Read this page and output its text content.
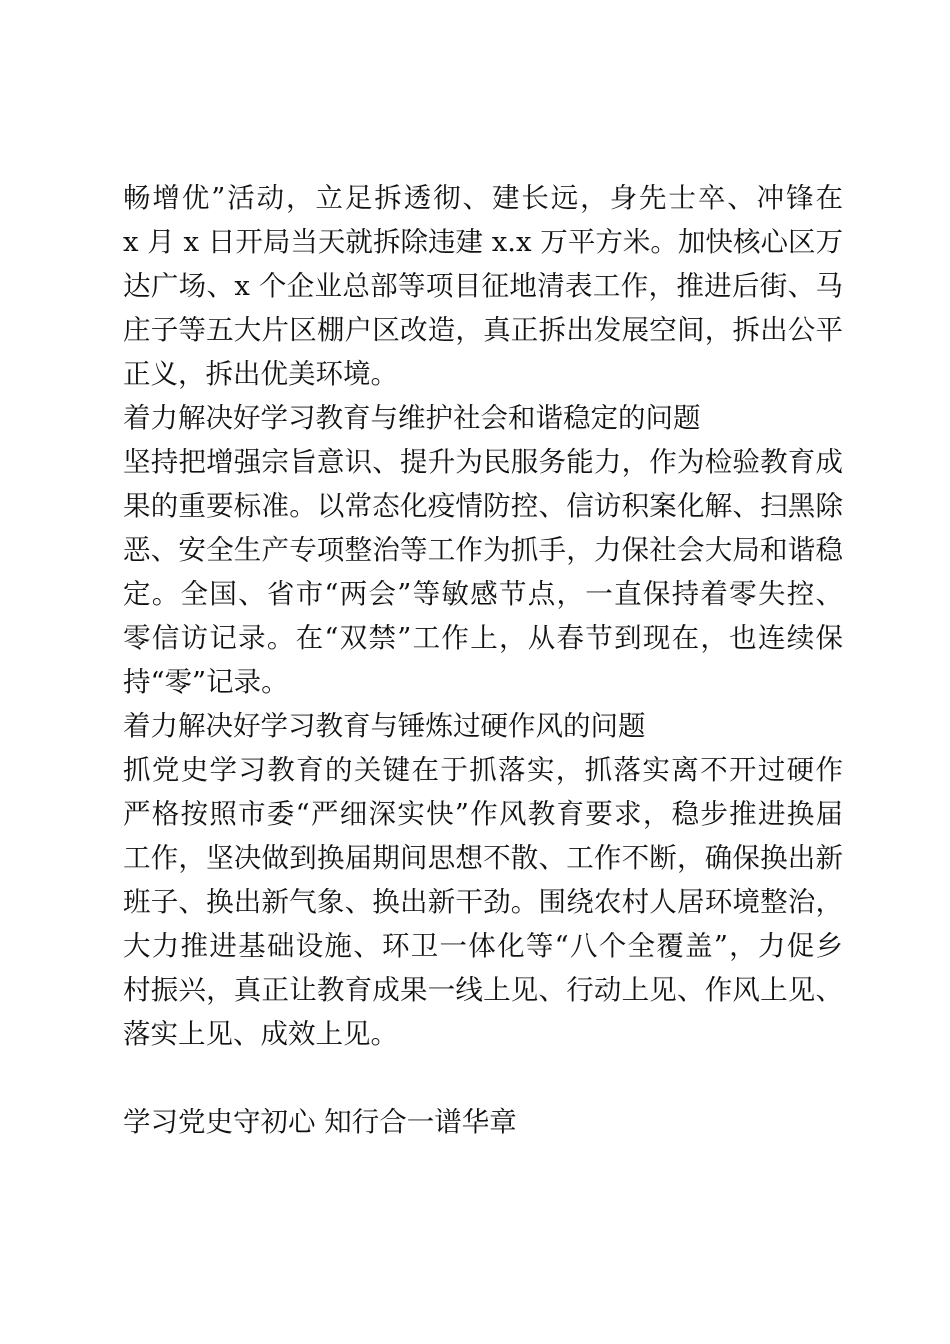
畅增优”活动，立足拆透彻、建长远，身先士卒、冲锋在
x 月 x 日开局当天就拆除违建 x.x 万平方米。加快核心区万
达广场、x 个企业总部等项目征地清表工作，推进后街、马
庄子等五大片区棚户区改造，真正拆出发展空间，拆出公平
正义，拆出优美环境。
着力解决好学习教育与维护社会和谐稳定的问题
坚持把增强宗旨意识、提升为民服务能力，作为检验教育成
果的重要标准。以常态化疫情防控、信访积案化解、扫黑除
恶、安全生产专项整治等工作为抓手，力保社会大局和谐稳
定。全国、省市“两会”等敏感节点，一直保持着零失控、
零信访记录。在“双禁”工作上，从春节到现在，也连续保
持“零”记录。
着力解决好学习教育与锤炼过硬作风的问题
抓党史学习教育的关键在于抓落实，抓落实离不开过硬作
严格按照市委“严细深实快”作风教育要求，稳步推进换届
工作，坚决做到换届期间思想不散、工作不断，确保换出新
班子、换出新气象、换出新干劲。围绕农村人居环境整治，
大力推进基础设施、环卫一体化等“八个全覆盖”，力促乡
村振兴，真正让教育成果一线上见、行动上见、作风上见、
落实上见、成效上见。
学习党史守初心 知行合一谱华章
